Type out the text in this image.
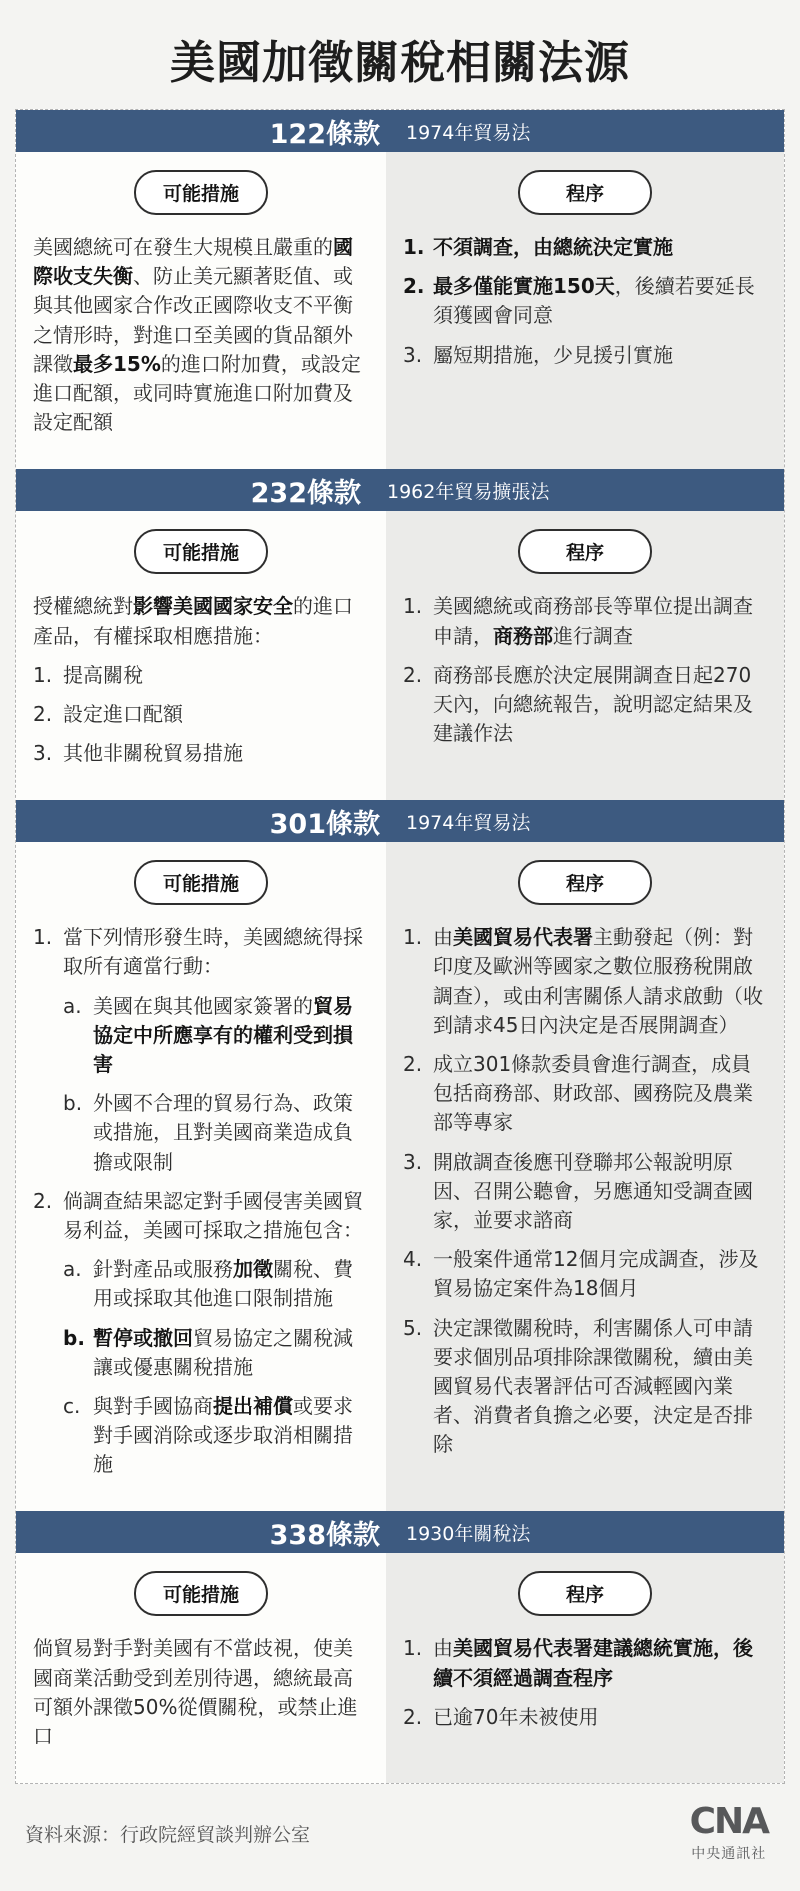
美國加徵關稅相關法源
122條款 1974年貿易法
可能措施

美國總統可在發生大規模且嚴重的國際收支失衡、防止美元顯著貶值、或與其他國家合作改正國際收支不平衡之情形時，對進口至美國的貨品額外課徵最多15%的進口附加費，或設定進口配額，或同時實施進口附加費及設定配額

程序
1. 不須調查，由總統決定實施
2. 最多僅能實施150天，後續若要延長須獲國會同意
3. 屬短期措施，少見援引實施
232條款 1962年貿易擴張法
可能措施

授權總統對影響美國國家安全的進口產品，有權採取相應措施：

1. 提高關稅
2. 設定進口配額
3. 其他非關稅貿易措施
程序
1. 美國總統或商務部長等單位提出調查申請，商務部進行調查
2. 商務部長應於決定展開調查日起270天內，向總統報告，說明認定結果及建議作法
301條款 1974年貿易法
可能措施
1. 當下列情形發生時，美國總統得採取所有適當行動：
a. 美國在與其他國家簽署的貿易協定中所應享有的權利受到損害
b. 外國不合理的貿易行為、政策或措施，且對美國商業造成負擔或限制
2. 倘調查結果認定對手國侵害美國貿易利益，美國可採取之措施包含：
a. 針對產品或服務加徵關稅、費用或採取其他進口限制措施
b. 暫停或撤回貿易協定之關稅減讓或優惠關稅措施
c. 與對手國協商提出補償或要求對手國消除或逐步取消相關措施
程序
1. 由美國貿易代表署主動發起（例：對印度及歐洲等國家之數位服務稅開啟調查），或由利害關係人請求啟動（收到請求45日內決定是否展開調查）
2. 成立301條款委員會進行調查，成員包括商務部、財政部、國務院及農業部等專家
3. 開啟調查後應刊登聯邦公報說明原因、召開公聽會，另應通知受調查國家，並要求諮商
4. 一般案件通常12個月完成調查，涉及貿易協定案件為18個月
5. 決定課徵關稅時，利害關係人可申請要求個別品項排除課徵關稅，續由美國貿易代表署評估可否減輕國內業者、消費者負擔之必要，決定是否排除
338條款 1930年關稅法
可能措施

倘貿易對手對美國有不當歧視，使美國商業活動受到差別待遇，總統最高可額外課徵50%從價關稅，或禁止進口

程序
1. 由美國貿易代表署建議總統實施，後續不須經過調查程序
2. 已逾70年未被使用
資料來源：行政院經貿談判辦公室	CNA
中央通訊社
